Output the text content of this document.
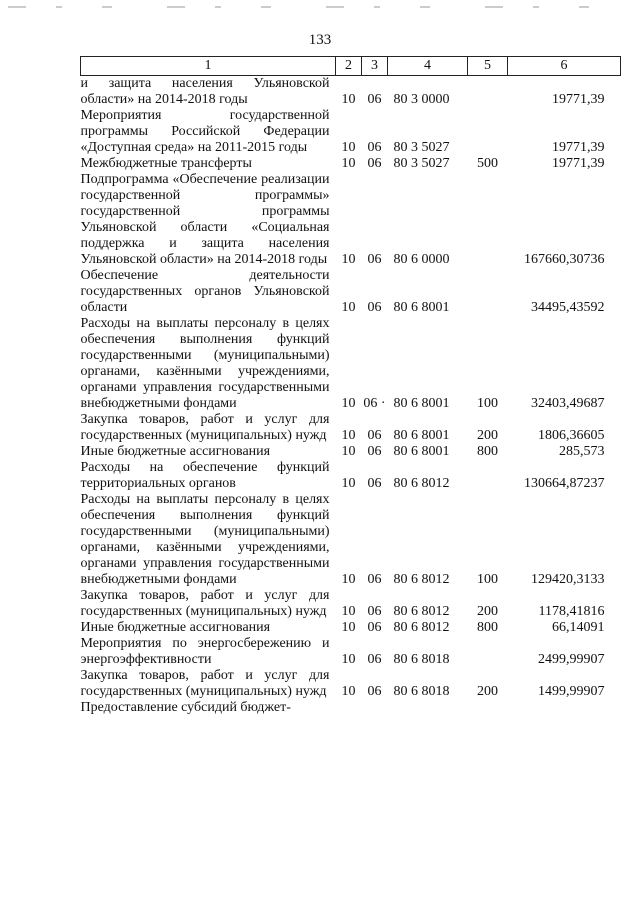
133
1	2	3	4	5	6
и защита населения Ульяновской области» на 2014-2018 годы	10	06	80 3 0000		19771,39
Мероприятия государственной программы Российской Федерации «Доступная среда» на 2011-2015 годы	10	06	80 3 5027		19771,39
Межбюджетные трансферты	10	06	80 3 5027	500	19771,39
Подпрограмма «Обеспечение реализации государственной программы» государственной программы Ульяновской области «Социальная поддержка и защита населения Ульяновской области» на 2014-2018 годы	10	06	80 6 0000		167660,30736
Обеспечение деятельности государственных органов Ульяновской области	10	06	80 6 8001		34495,43592
Расходы на выплаты персоналу в целях обеспечения выполнения функций государственными (муниципальными) органами, казёнными учреждениями, органами управления государственными внебюджетными фондами	10	06 ·	80 6 8001	100	32403,49687
Закупка товаров, работ и услуг для государственных (муниципальных) нужд	10	06	80 6 8001	200	1806,36605
Иные бюджетные ассигнования	10	06	80 6 8001	800	285,573
Расходы на обеспечение функций территориальных органов	10	06	80 6 8012		130664,87237
Расходы на выплаты персоналу в целях обеспечения выполнения функций государственными (муниципальными) органами, казёнными учреждениями, органами управления государственными внебюджетными фондами	10	06	80 6 8012	100	129420,3133
Закупка товаров, работ и услуг для государственных (муниципальных) нужд	10	06	80 6 8012	200	1178,41816
Иные бюджетные ассигнования	10	06	80 6 8012	800	66,14091
Мероприятия по энергосбережению и энергоэффективности	10	06	80 6 8018		2499,99907
Закупка товаров, работ и услуг для государственных (муниципальных) нужд	10	06	80 6 8018	200	1499,99907
Предоставление субсидий бюджет-					
